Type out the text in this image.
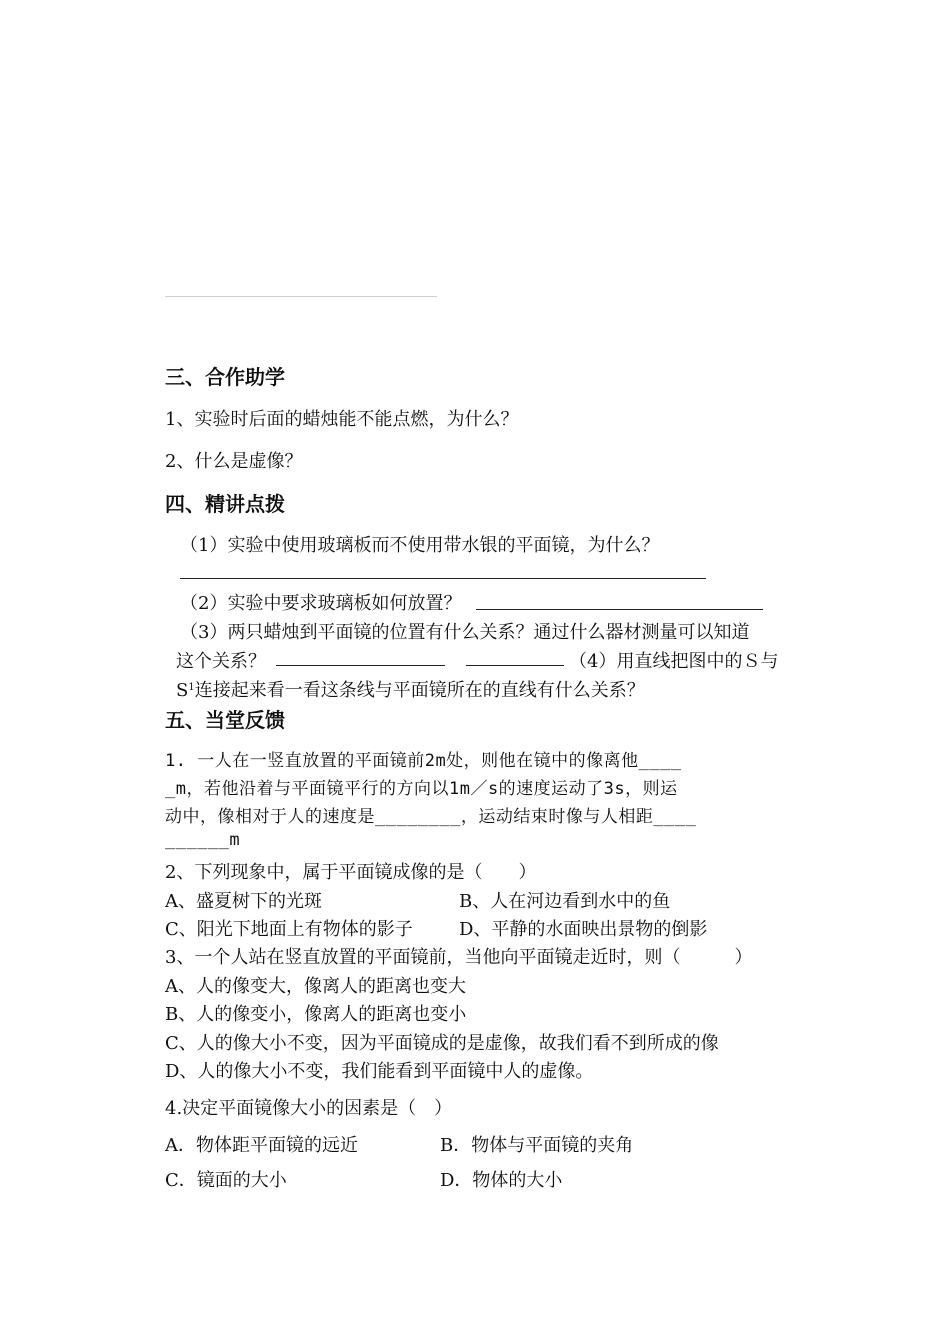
三、合作助学
1、实验时后面的蜡烛能不能点燃，为什么？
2、什么是虚像？
四、精讲点拨
（1）实验中使用玻璃板而不使用带水银的平面镜，为什么？
（2）实验中要求玻璃板如何放置？
（3）两只蜡烛到平面镜的位置有什么关系？通过什么器材测量可以知道
这个关系？	（4）用直线把图中的Ｓ与
$S^1$连接起来看一看这条线与平面镜所在的直线有什么关系？
五、当堂反馈
1. 一人在一竖直放置的平面镜前2m处，则他在镜中的像离他____
_m，若他沿着与平面镜平行的方向以1m／s的速度运动了3s，则运
动中，像相对于人的速度是________，运动结束时像与人相距____
______m
2、下列现象中，属于平面镜成像的是（　　）
A、盛夏树下的光斑	B、人在河边看到水中的鱼
C、阳光下地面上有物体的影子	D、平静的水面映出景物的倒影
3、一个人站在竖直放置的平面镜前，当他向平面镜走近时，则（　　　）
A、人的像变大，像离人的距离也变大
B、人的像变小，像离人的距离也变小
C、人的像大小不变，因为平面镜成的是虚像，故我们看不到所成的像
D、人的像大小不变，我们能看到平面镜中人的虚像。
4.决定平面镜像大小的因素是（　）
A．物体距平面镜的远近	B．物体与平面镜的夹角
C．镜面的大小	D．物体的大小
